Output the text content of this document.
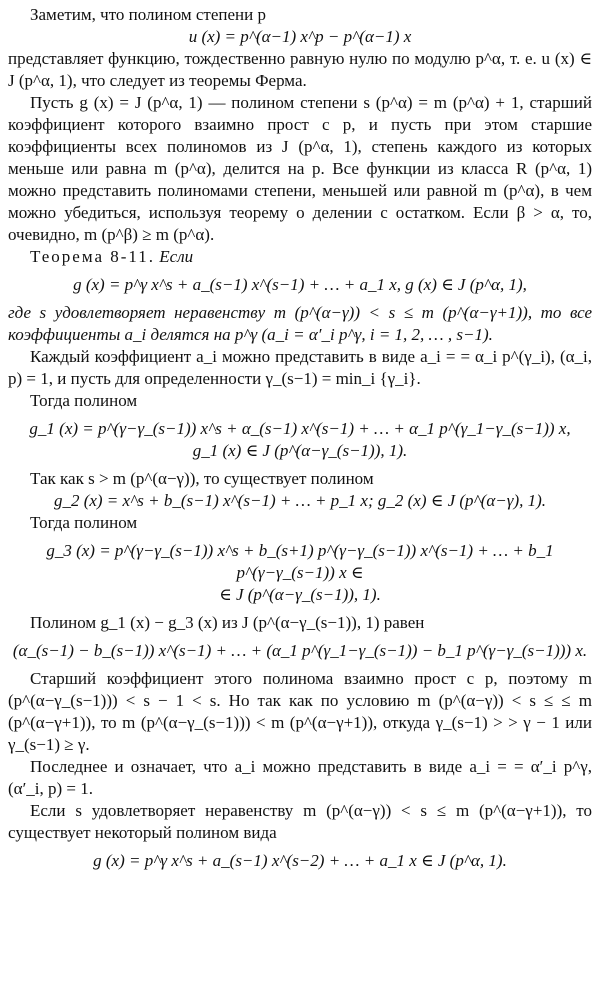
Заметим, что полином степени p

u (x) = p^(α−1) x^p − p^(α−1) x

представляет функцию, тождественно равную нулю по модулю p^α, т. е. u (x) ∈ J (p^α, 1), что следует из теоремы Ферма.

Пусть g (x) = J (p^α, 1) — полином степени s (p^α) = m (p^α) + 1, старший коэффициент которого взаимно прост с p, и пусть при этом старшие коэффициенты всех полиномов из J (p^α, 1), степень каждого из которых меньше или равна m (p^α), делится на p. Все функции из класса R (p^α, 1) можно представить полиномами степени, меньшей или равной m (p^α), в чем можно убедиться, используя теорему о делении с остатком. Если β > α, то, очевидно, m (p^β) ≥ m (p^α).

Теорема 8-11. Если

g (x) = p^γ x^s + a_(s−1) x^(s−1) + … + a_1 x, g (x) ∈ J (p^α, 1),

где s удовлетворяет неравенству m (p^(α−γ)) < s ≤ m (p^(α−γ+1)), то все коэффициенты a_i делятся на p^γ (a_i = α′_i p^γ, i = 1, 2, … , s−1).

Каждый коэффициент a_i можно представить в виде a_i = = α_i p^(γ_i), (α_i, p) = 1, и пусть для определенности γ_(s−1) = min_i {γ_i}.

Тогда полином

g_1 (x) = p^(γ−γ_(s−1)) x^s + α_(s−1) x^(s−1) + … + α_1 p^(γ_1−γ_(s−1)) x,

g_1 (x) ∈ J (p^(α−γ_(s−1)), 1).

Так как s > m (p^(α−γ)), то существует полином

g_2 (x) = x^s + b_(s−1) x^(s−1) + … + p_1 x; g_2 (x) ∈ J (p^(α−γ), 1).

Тогда полином

g_3 (x) = p^(γ−γ_(s−1)) x^s + b_(s+1) p^(γ−γ_(s−1)) x^(s−1) + … + b_1 p^(γ−γ_(s−1)) x ∈

∈ J (p^(α−γ_(s−1)), 1).

Полином g_1 (x) − g_3 (x) из J (p^(α−γ_(s−1)), 1) равен

(α_(s−1) − b_(s−1)) x^(s−1) + … + (α_1 p^(γ_1−γ_(s−1)) − b_1 p^(γ−γ_(s−1))) x.

Старший коэффициент этого полинома взаимно прост с p, поэтому m (p^(α−γ_(s−1))) < s − 1 < s. Но так как по условию m (p^(α−γ)) < s ≤ ≤ m (p^(α−γ+1)), то m (p^(α−γ_(s−1))) < m (p^(α−γ+1)), откуда γ_(s−1) > > γ − 1 или γ_(s−1) ≥ γ.

Последнее и означает, что a_i можно представить в виде a_i = = α′_i p^γ, (α′_i, p) = 1.

Если s удовлетворяет неравенству m (p^(α−γ)) < s ≤ m (p^(α−γ+1)), то существует некоторый полином вида

g (x) = p^γ x^s + a_(s−1) x^(s−2) + … + a_1 x ∈ J (p^α, 1).
